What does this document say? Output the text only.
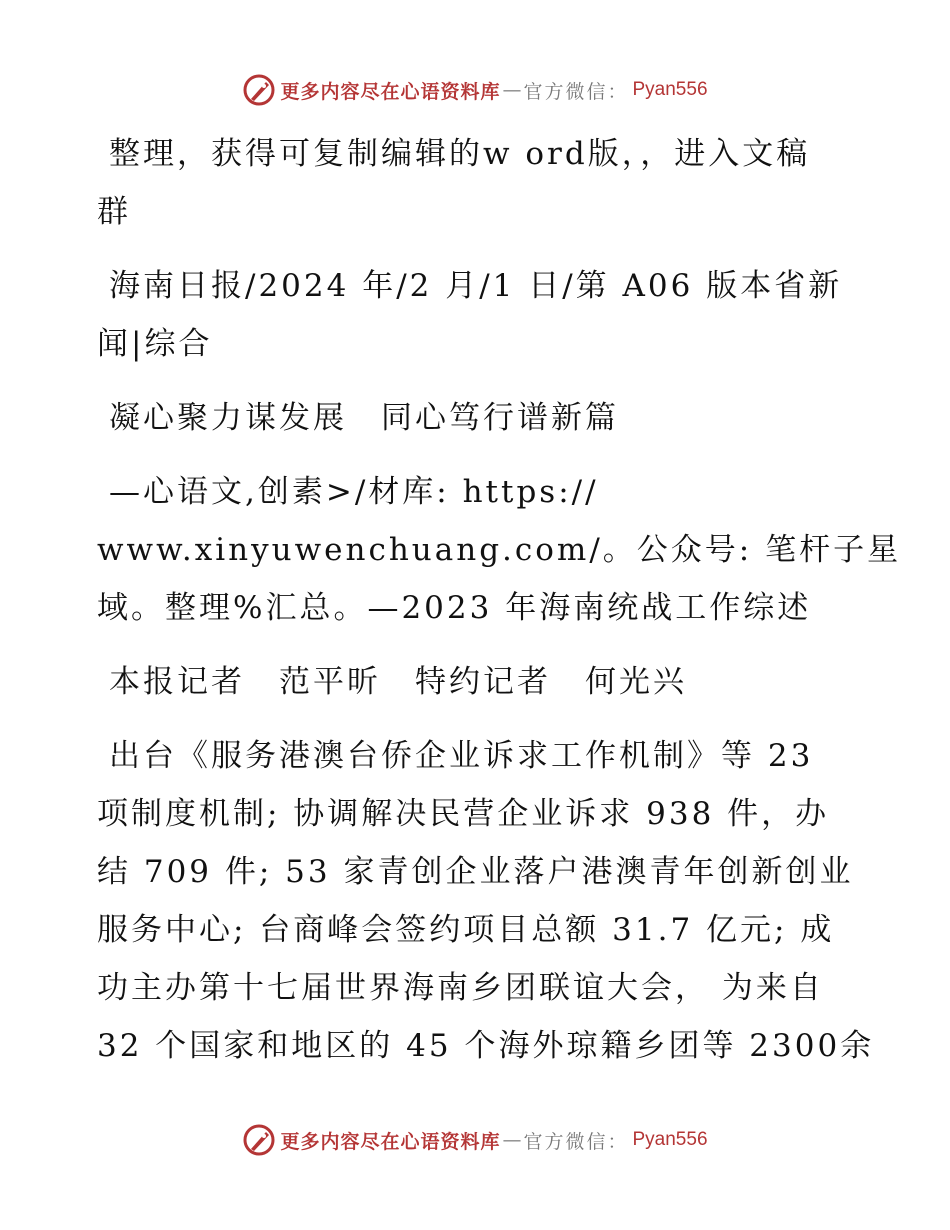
更多内容尽在心语资料库 — 官方微信： Pyan556
整理，获得可复制编辑的w ord版，，进入文稿
群
海南日报/2024 年/2 月/1 日/第 A06 版本省新
闻|综合
凝心聚力谋发展　同心笃行谱新篇
—心语文,创素>/材库: https://
www.xinyuwenchuang.com/。公众号: 笔杆子星
域。整理%汇总。—2023 年海南统战工作综述
本报记者　范平昕　特约记者　何光兴
出台《服务港澳台侨企业诉求工作机制》等 23
项制度机制; 协调解决民营企业诉求 938 件，办
结 709 件; 53 家青创企业落户港澳青年创新创业
服务中心; 台商峰会签约项目总额 31.7 亿元; 成
功主办第十七届世界海南乡团联谊大会， 为来自
32 个国家和地区的 45 个海外琼籍乡团等 2300余
更多内容尽在心语资料库 — 官方微信： Pyan556
